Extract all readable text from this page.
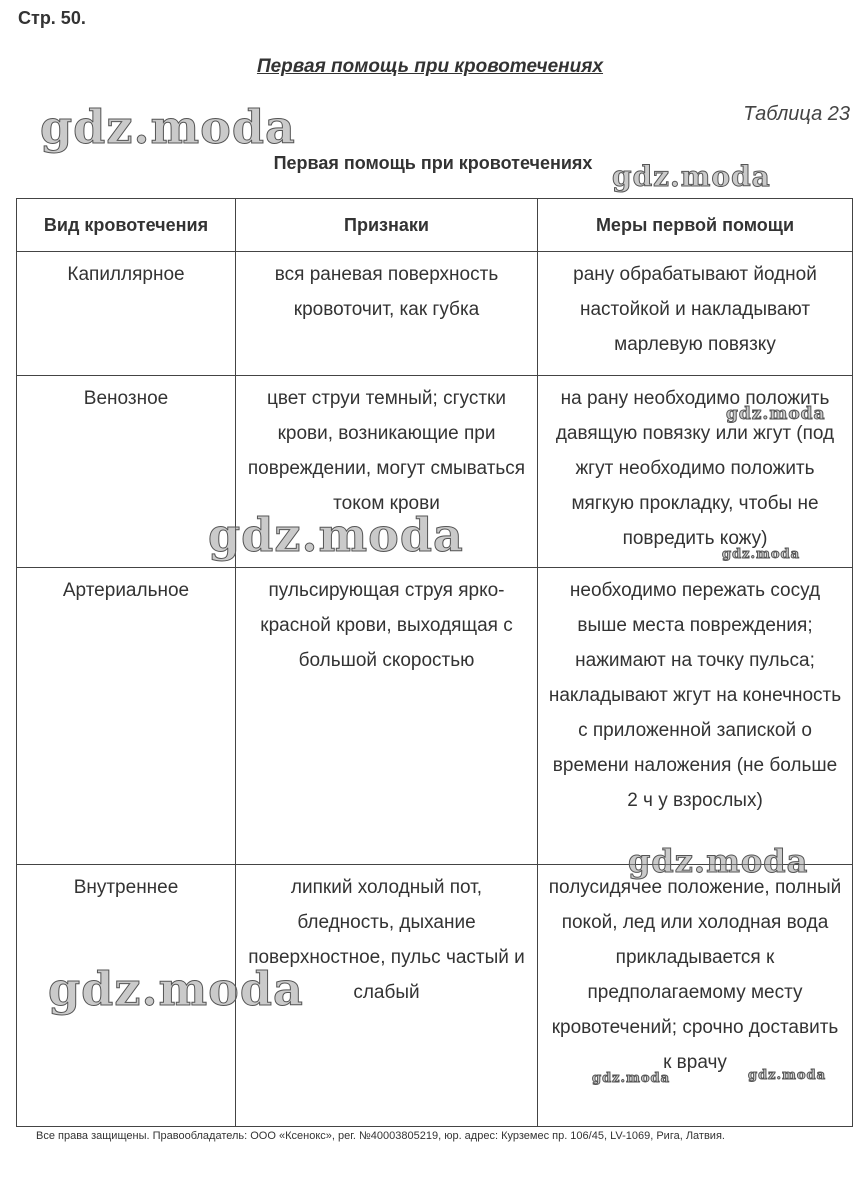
Стр. 50.
Первая помощь при кровотечениях
Таблица 23
Первая помощь при кровотечениях
Вид кровотечения	Признаки	Меры первой помощи
Капиллярное	вся раневая поверхность кровоточит, как губка	рану обрабатывают йодной настойкой и накладывают марлевую повязку
Венозное	цвет струи темный; сгустки крови, возникающие при повреждении, могут смываться током крови	на рану необходимо положить давящую повязку или жгут (под жгут необходимо положить мягкую прокладку, чтобы не повредить кожу)
Артериальное	пульсирующая струя ярко-красной крови, выходящая с большой скоростью	необходимо пережать сосуд выше места повреждения; нажимают на точку пульса; накладывают жгут на конечность с приложенной запиской о времени наложения (не больше 2 ч у взрослых)
Внутреннее	липкий холодный пот, бледность, дыхание поверхностное, пульс частый и слабый	полусидячее положение, полный покой, лед или холодная вода прикладывается к предполагаемому месту кровотечений; срочно доставить к врачу
gdz.moda
gdz.moda
gdz.moda
gdz.moda	gdz.moda
gdz.moda
gdz.moda
gdz.moda	gdz.moda
Все права защищены. Правообладатель: ООО «Ксенокс», рег. №40003805219, юр. адрес: Курземес пр. 106/45, LV-1069, Рига, Латвия.
